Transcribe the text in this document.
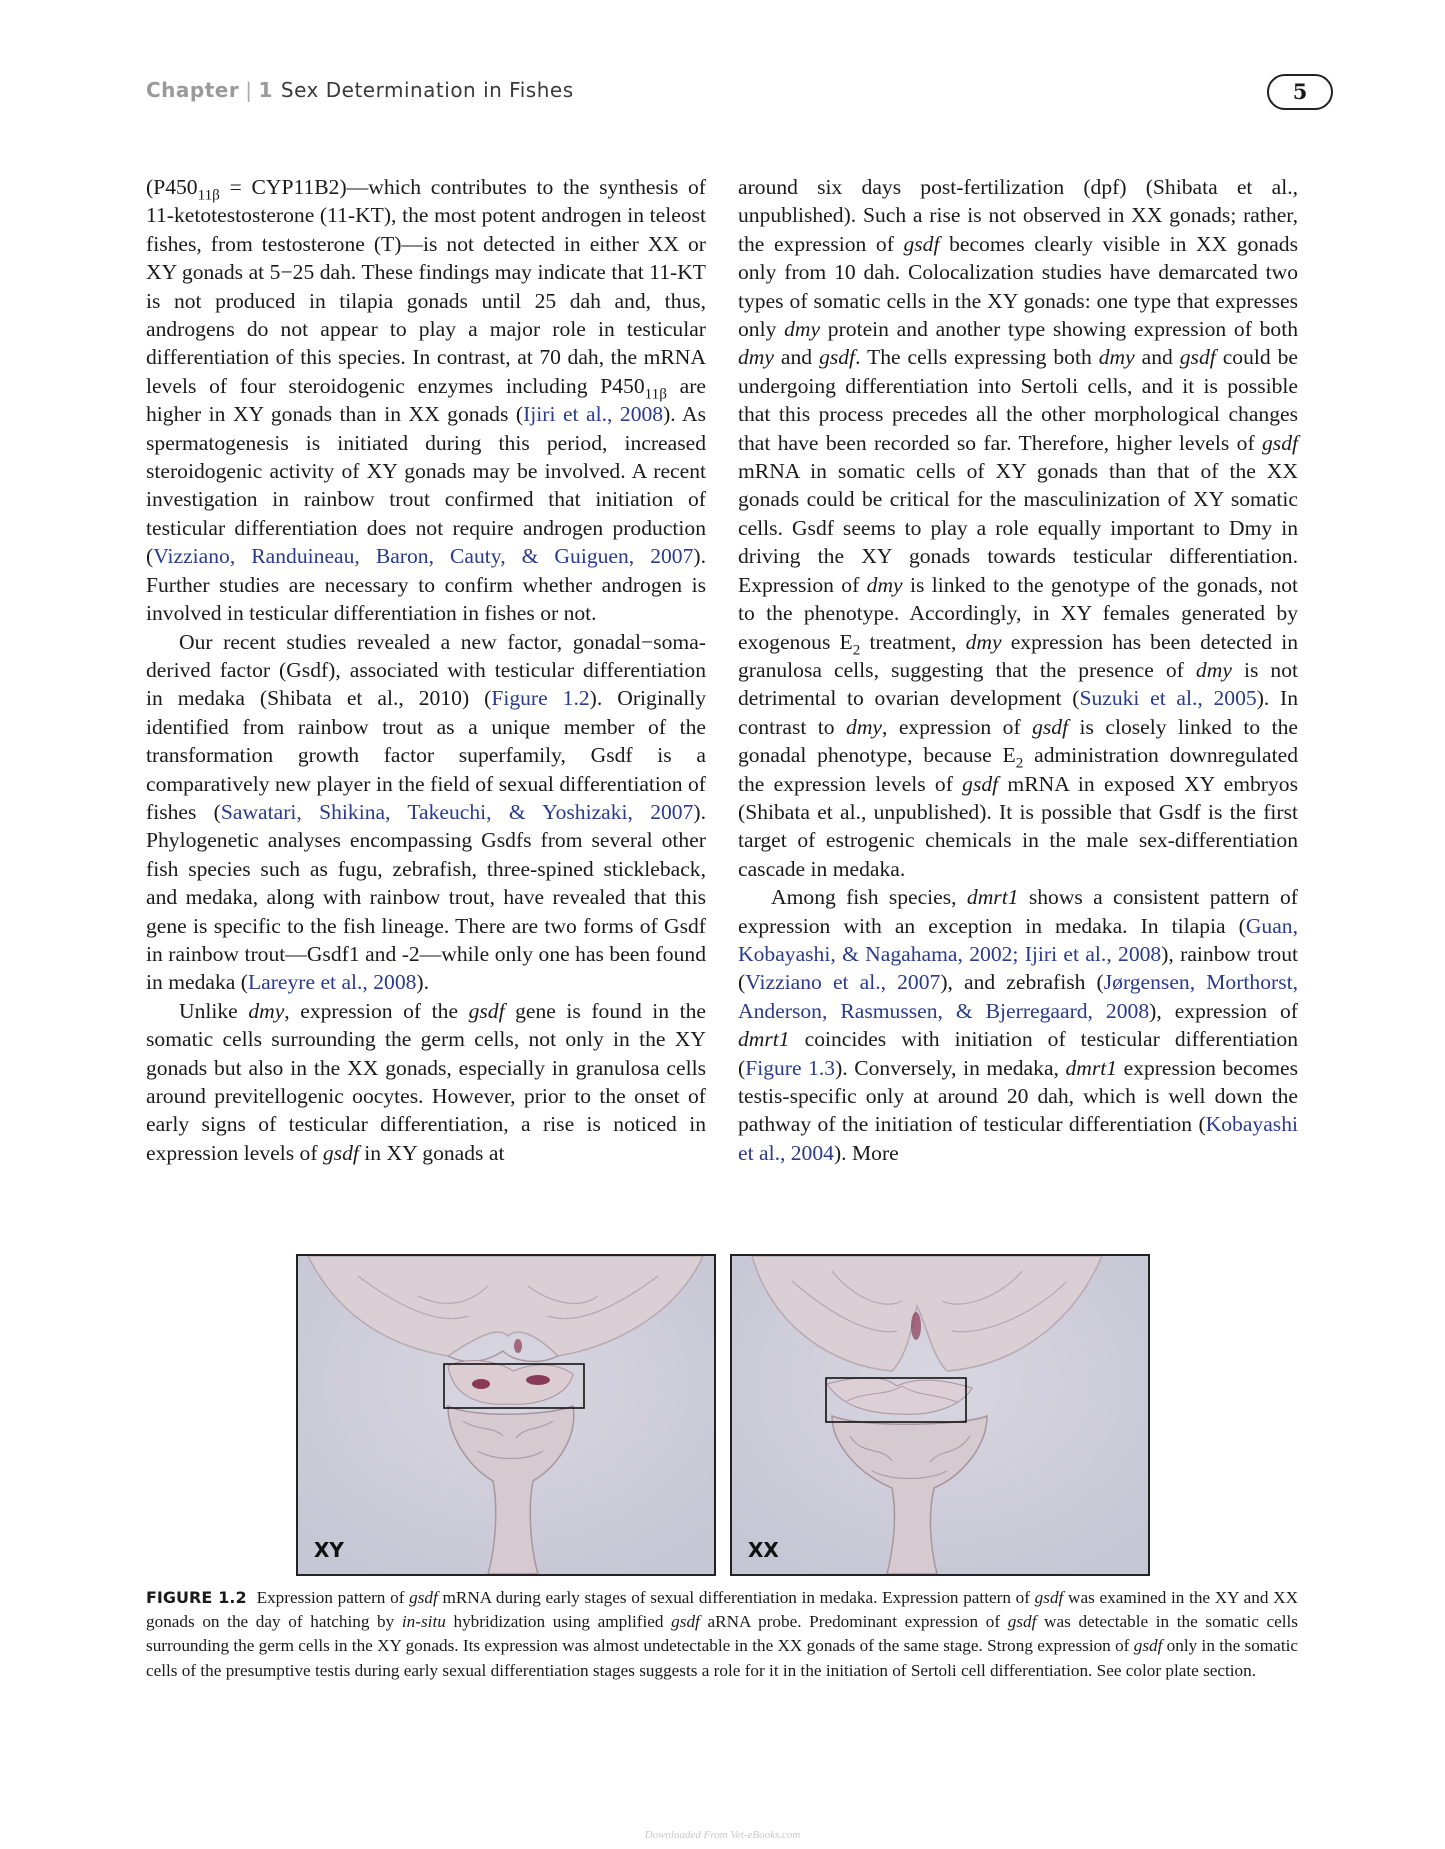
Chapter | 1 Sex Determination in Fishes	5

($P450_{11\beta}$ = CYP11B2)—which contributes to the synthesis of 11-ketotestosterone (11-KT), the most potent androgen in teleost fishes, from testosterone (T)—is not detected in either XX or XY gonads at 5−25 dah. These findings may indicate that 11-KT is not produced in tilapia gonads until 25 dah and, thus, androgens do not appear to play a major role in testicular differentiation of this species. In contrast, at 70 dah, the mRNA levels of four steroidogenic enzymes including $P450_{11\beta}$ are higher in XY gonads than in XX gonads (Ijiri et al., 2008). As spermatogenesis is initiated during this period, increased steroidogenic activity of XY gonads may be involved. A recent investigation in rainbow trout confirmed that initiation of testicular differentiation does not require androgen production (Vizziano, Randuineau, Baron, Cauty, & Guiguen, 2007). Further studies are necessary to confirm whether androgen is involved in testicular differentiation in fishes or not.

Our recent studies revealed a new factor, gonadal−soma-derived factor (Gsdf), associated with testicular differentiation in medaka (Shibata et al., 2010) (Figure 1.2). Originally identified from rainbow trout as a unique member of the transformation growth factor superfamily, Gsdf is a comparatively new player in the field of sexual differentiation of fishes (Sawatari, Shikina, Takeuchi, & Yoshizaki, 2007). Phylogenetic analyses encompassing Gsdfs from several other fish species such as fugu, zebrafish, three-spined stickleback, and medaka, along with rainbow trout, have revealed that this gene is specific to the fish lineage. There are two forms of Gsdf in rainbow trout—Gsdf1 and -2—while only one has been found in medaka (Lareyre et al., 2008).

Unlike dmy, expression of the gsdf gene is found in the somatic cells surrounding the germ cells, not only in the XY gonads but also in the XX gonads, especially in granulosa cells around previtellogenic oocytes. However, prior to the onset of early signs of testicular differentiation, a rise is noticed in expression levels of gsdf in XY gonads at

around six days post-fertilization (dpf) (Shibata et al., unpublished). Such a rise is not observed in XX gonads; rather, the expression of gsdf becomes clearly visible in XX gonads only from 10 dah. Colocalization studies have demarcated two types of somatic cells in the XY gonads: one type that expresses only dmy protein and another type showing expression of both dmy and gsdf. The cells expressing both dmy and gsdf could be undergoing differentiation into Sertoli cells, and it is possible that this process precedes all the other morphological changes that have been recorded so far. Therefore, higher levels of gsdf mRNA in somatic cells of XY gonads than that of the XX gonads could be critical for the masculinization of XY somatic cells. Gsdf seems to play a role equally important to Dmy in driving the XY gonads towards testicular differentiation. Expression of dmy is linked to the genotype of the gonads, not to the phenotype. Accordingly, in XY females generated by exogenous $E_2$ treatment, dmy expression has been detected in granulosa cells, suggesting that the presence of dmy is not detrimental to ovarian development (Suzuki et al., 2005). In contrast to dmy, expression of gsdf is closely linked to the gonadal phenotype, because $E_2$ administration downregulated the expression levels of gsdf mRNA in exposed XY embryos (Shibata et al., unpublished). It is possible that Gsdf is the first target of estrogenic chemicals in the male sex-differentiation cascade in medaka.

Among fish species, dmrt1 shows a consistent pattern of expression with an exception in medaka. In tilapia (Guan, Kobayashi, & Nagahama, 2002; Ijiri et al., 2008), rainbow trout (Vizziano et al., 2007), and zebrafish (Jørgensen, Morthorst, Anderson, Rasmussen, & Bjerregaard, 2008), expression of dmrt1 coincides with initiation of testicular differentiation (Figure 1.3). Conversely, in medaka, dmrt1 expression becomes testis-specific only at around 20 dah, which is well down the pathway of the initiation of testicular differentiation (Kobayashi et al., 2004). More

XY	XX
FIGURE 1.2 Expression pattern of gsdf mRNA during early stages of sexual differentiation in medaka. Expression pattern of gsdf was examined in the XY and XX gonads on the day of hatching by in-situ hybridization using amplified gsdf aRNA probe. Predominant expression of gsdf was detectable in the somatic cells surrounding the germ cells in the XY gonads. Its expression was almost undetectable in the XX gonads of the same stage. Strong expression of gsdf only in the somatic cells of the presumptive testis during early sexual differentiation stages suggests a role for it in the initiation of Sertoli cell differentiation. See color plate section.
Downloaded From Vet-eBooks.com
